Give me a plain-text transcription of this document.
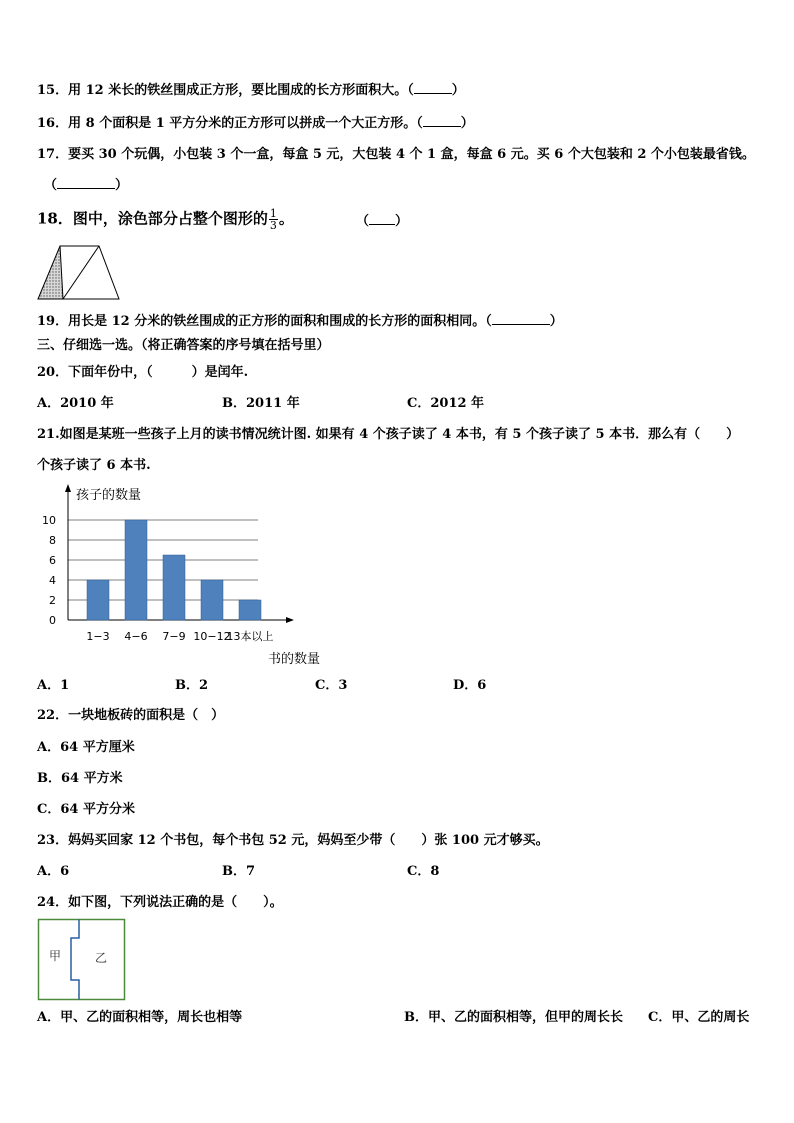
15．用 12 米长的铁丝围成正方形，要比围成的长方形面积大。（	）
16．用 8 个面积是 1 平方分米的正方形可以拼成一个大正方形。（	）
17．要买 30 个玩偶，小包装 3 个一盒，每盒 5 元，大包装 4 个 1 盒，每盒 6 元。买 6 个大包装和 2 个小包装最省钱。
（	）
18．图中，涂色部分占整个图形的 $\frac{1}{3}$ 。	（ ）
19．用长是 12 分米的铁丝围成的正方形的面积和围成的长方形的面积相同。（	）
三、仔细选一选。（将正确答案的序号填在括号里）
20．下面年份中，（　　　）是闰年.
A．2010 年	B．2011 年	C．2012 年
21.如图是某班一些孩子上月的读书情况统计图. 如果有 4 个孩子读了 4 本书，有 5 个孩子读了 5 本书．那么有（　　）
个孩子读了 6 本书.
0
2
4
6
8
10
1−3 4−6 7−9 10−12
13本以上
孩子的数量
书的数量
A．1	B．2	C．3	D．6
22．一块地板砖的面积是（　）
A．64 平方厘米
B．64 平方米
C．64 平方分米
23．妈妈买回家 12 个书包，每个书包 52 元，妈妈至少带（　　）张 100 元才够买。
A．6	B．7	C．8
24．如下图，下列说法正确的是（　　）。
甲	乙
A．甲、乙的面积相等，周长也相等	B．甲、乙的面积相等，但甲的周长长 C．甲、乙的周长
